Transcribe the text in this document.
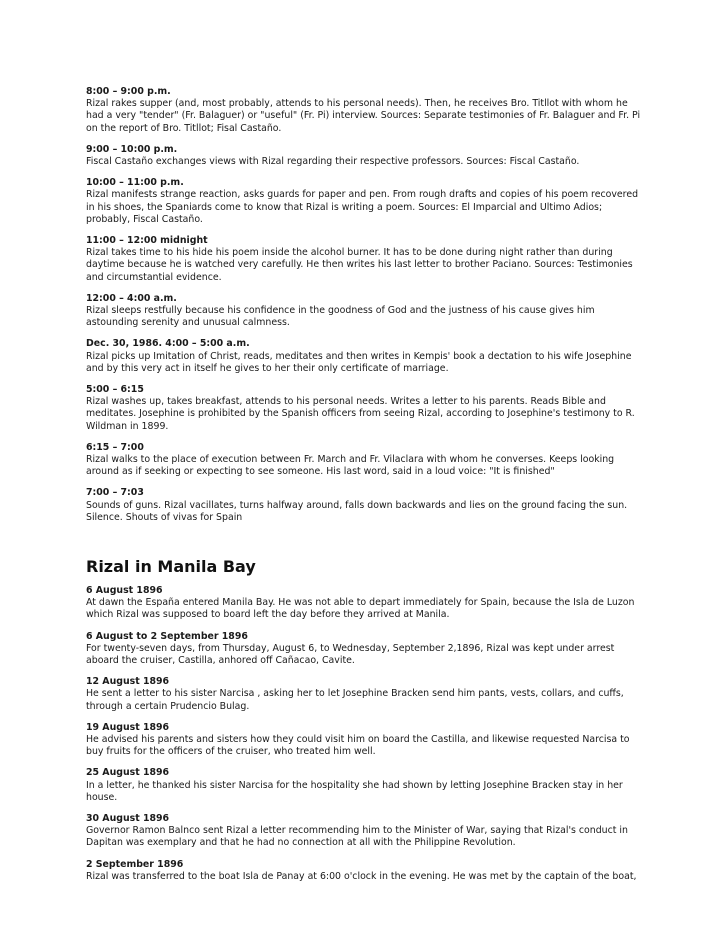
8:00 – 9:00 p.m.
Rizal rakes supper (and, most probably, attends to his personal needs). Then, he receives Bro. Titllot with whom he had a very "tender" (Fr. Balaguer) or "useful" (Fr. Pi) interview. Sources: Separate testimonies of Fr. Balaguer and Fr. Pi on the report of Bro. Titllot; Fisal Castaño.
9:00 – 10:00 p.m.
Fiscal Castaño exchanges views with Rizal regarding their respective professors. Sources: Fiscal Castaño.
10:00 – 11:00 p.m.
Rizal manifests strange reaction, asks guards for paper and pen. From rough drafts and copies of his poem recovered in his shoes, the Spaniards come to know that Rizal is writing a poem. Sources: El Imparcial and Ultimo Adios; probably, Fiscal Castaño.
11:00 – 12:00 midnight
Rizal takes time to his hide his poem inside the alcohol burner. It has to be done during night rather than during daytime because he is watched very carefully. He then writes his last letter to brother Paciano. Sources: Testimonies and circumstantial evidence.
12:00 – 4:00 a.m.
Rizal sleeps restfully because his confidence in the goodness of God and the justness of his cause gives him astounding serenity and unusual calmness.
Dec. 30, 1986. 4:00 – 5:00 a.m.
Rizal picks up Imitation of Christ, reads, meditates and then writes in Kempis' book a dectation to his wife Josephine and by this very act in itself he gives to her their only certificate of marriage.
5:00 – 6:15
Rizal washes up, takes breakfast, attends to his personal needs. Writes a letter to his parents. Reads Bible and meditates. Josephine is prohibited by the Spanish officers from seeing Rizal, according to Josephine's testimony to R. Wildman in 1899.
6:15 – 7:00
Rizal walks to the place of execution between Fr. March and Fr. Vilaclara with whom he converses. Keeps looking around as if seeking or expecting to see someone. His last word, said in a loud voice: "It is finished"
7:00 – 7:03
Sounds of guns. Rizal vacillates, turns halfway around, falls down backwards and lies on the ground facing the sun. Silence. Shouts of vivas for Spain
Rizal in Manila Bay
6 August 1896
At dawn the España entered Manila Bay. He was not able to depart immediately for Spain, because the Isla de Luzon which Rizal was supposed to board left the day before they arrived at Manila.
6 August to 2 September 1896
For twenty-seven days, from Thursday, August 6, to Wednesday, September 2,1896, Rizal was kept under arrest aboard the cruiser, Castilla, anhored off Cañacao, Cavite.
12 August 1896
He sent a letter to his sister Narcisa , asking her to let Josephine Bracken send him pants, vests, collars, and cuffs, through a certain Prudencio Bulag.
19 August 1896
He advised his parents and sisters how they could visit him on board the Castilla, and likewise requested Narcisa to buy fruits for the officers of the cruiser, who treated him well.
25 August 1896
In a letter, he thanked his sister Narcisa for the hospitality she had shown by letting Josephine Bracken stay in her house.
30 August 1896
Governor Ramon Balnco sent Rizal a letter recommending him to the Minister of War, saying that Rizal's conduct in Dapitan was exemplary and that he had no connection at all with the Philippine Revolution.
2 September 1896
Rizal was transferred to the boat Isla de Panay at 6:00 o'clock in the evening. He was met by the captain of the boat,
